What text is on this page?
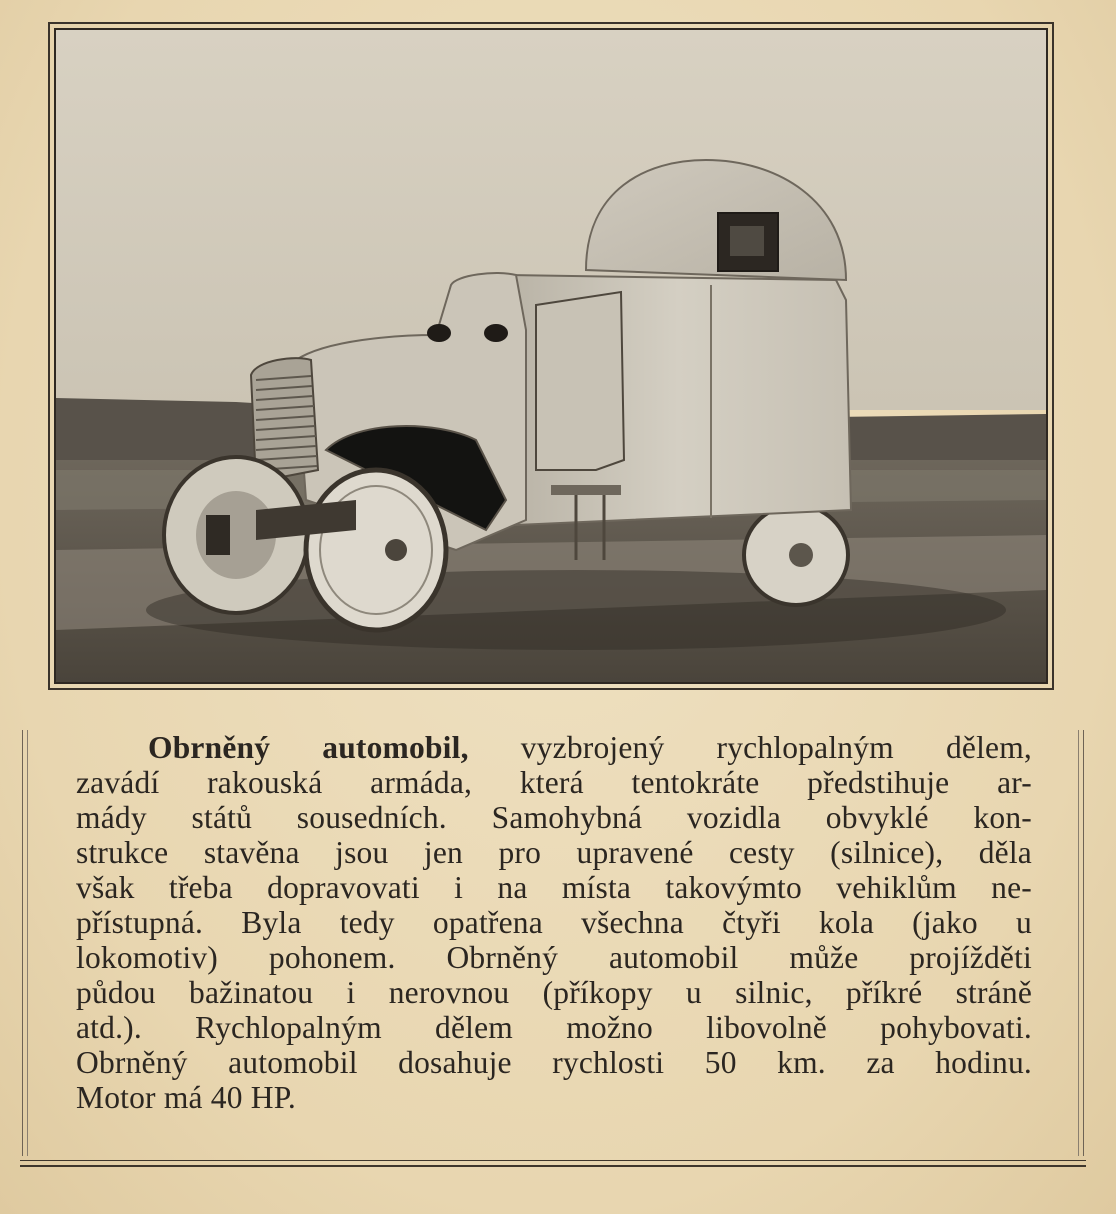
Obrněný automobil, vyzbrojený rychlopalným dělem,
zavádí rakouská armáda, která tentokráte předstihuje ar-
mády států sousedních. Samohybná vozidla obvyklé kon-
strukce stavěna jsou jen pro upravené cesty (silnice), děla
však třeba dopravovati i na místa takovýmto vehiklům ne-
přístupná. Byla tedy opatřena všechna čtyři kola (jako u
lokomotiv) pohonem. Obrněný automobil může projížděti
půdou bažinatou i nerovnou (příkopy u silnic, příkré stráně
atd.). Rychlopalným dělem možno libovolně pohybovati.
Obrněný automobil dosahuje rychlosti 50 km. za hodinu.
Motor má 40 HP.
